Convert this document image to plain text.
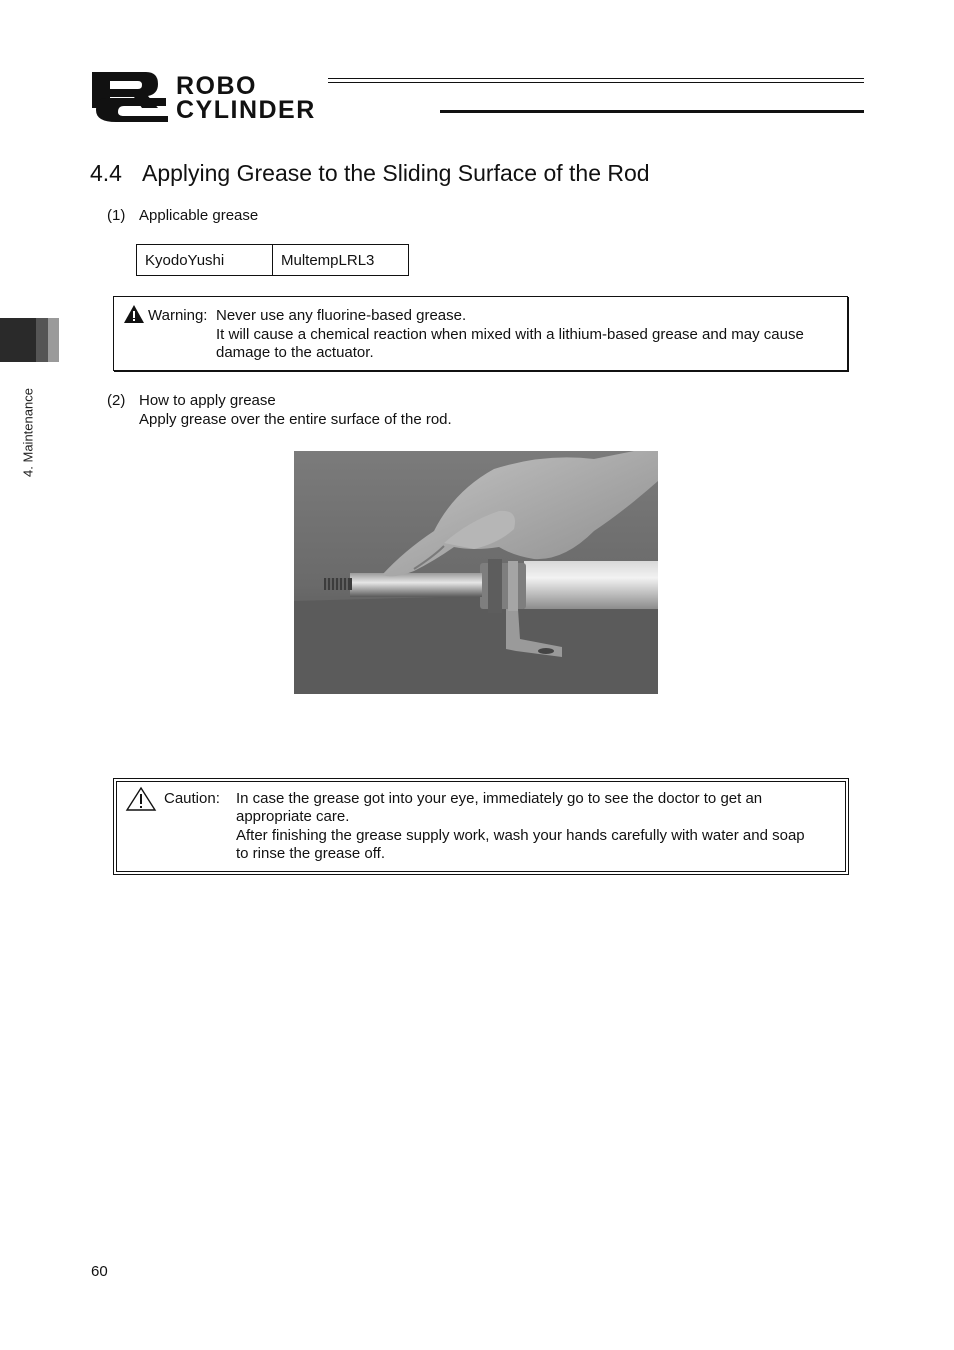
ROBO
CYLINDER
4. Maintenance
4.4 Applying Grease to the Sliding Surface of the Rod
(1) Applicable grease
KyodoYushi	MultempLRL3
Warning: Never use any fluorine-based grease.
It will cause a chemical reaction when mixed with a lithium-based grease and may cause
damage to the actuator.
(2) How to apply grease
Apply grease over the entire surface of the rod.
Caution: In case the grease got into your eye, immediately go to see the doctor to get an
appropriate care.
After finishing the grease supply work, wash your hands carefully with water and soap
to rinse the grease off.
60
